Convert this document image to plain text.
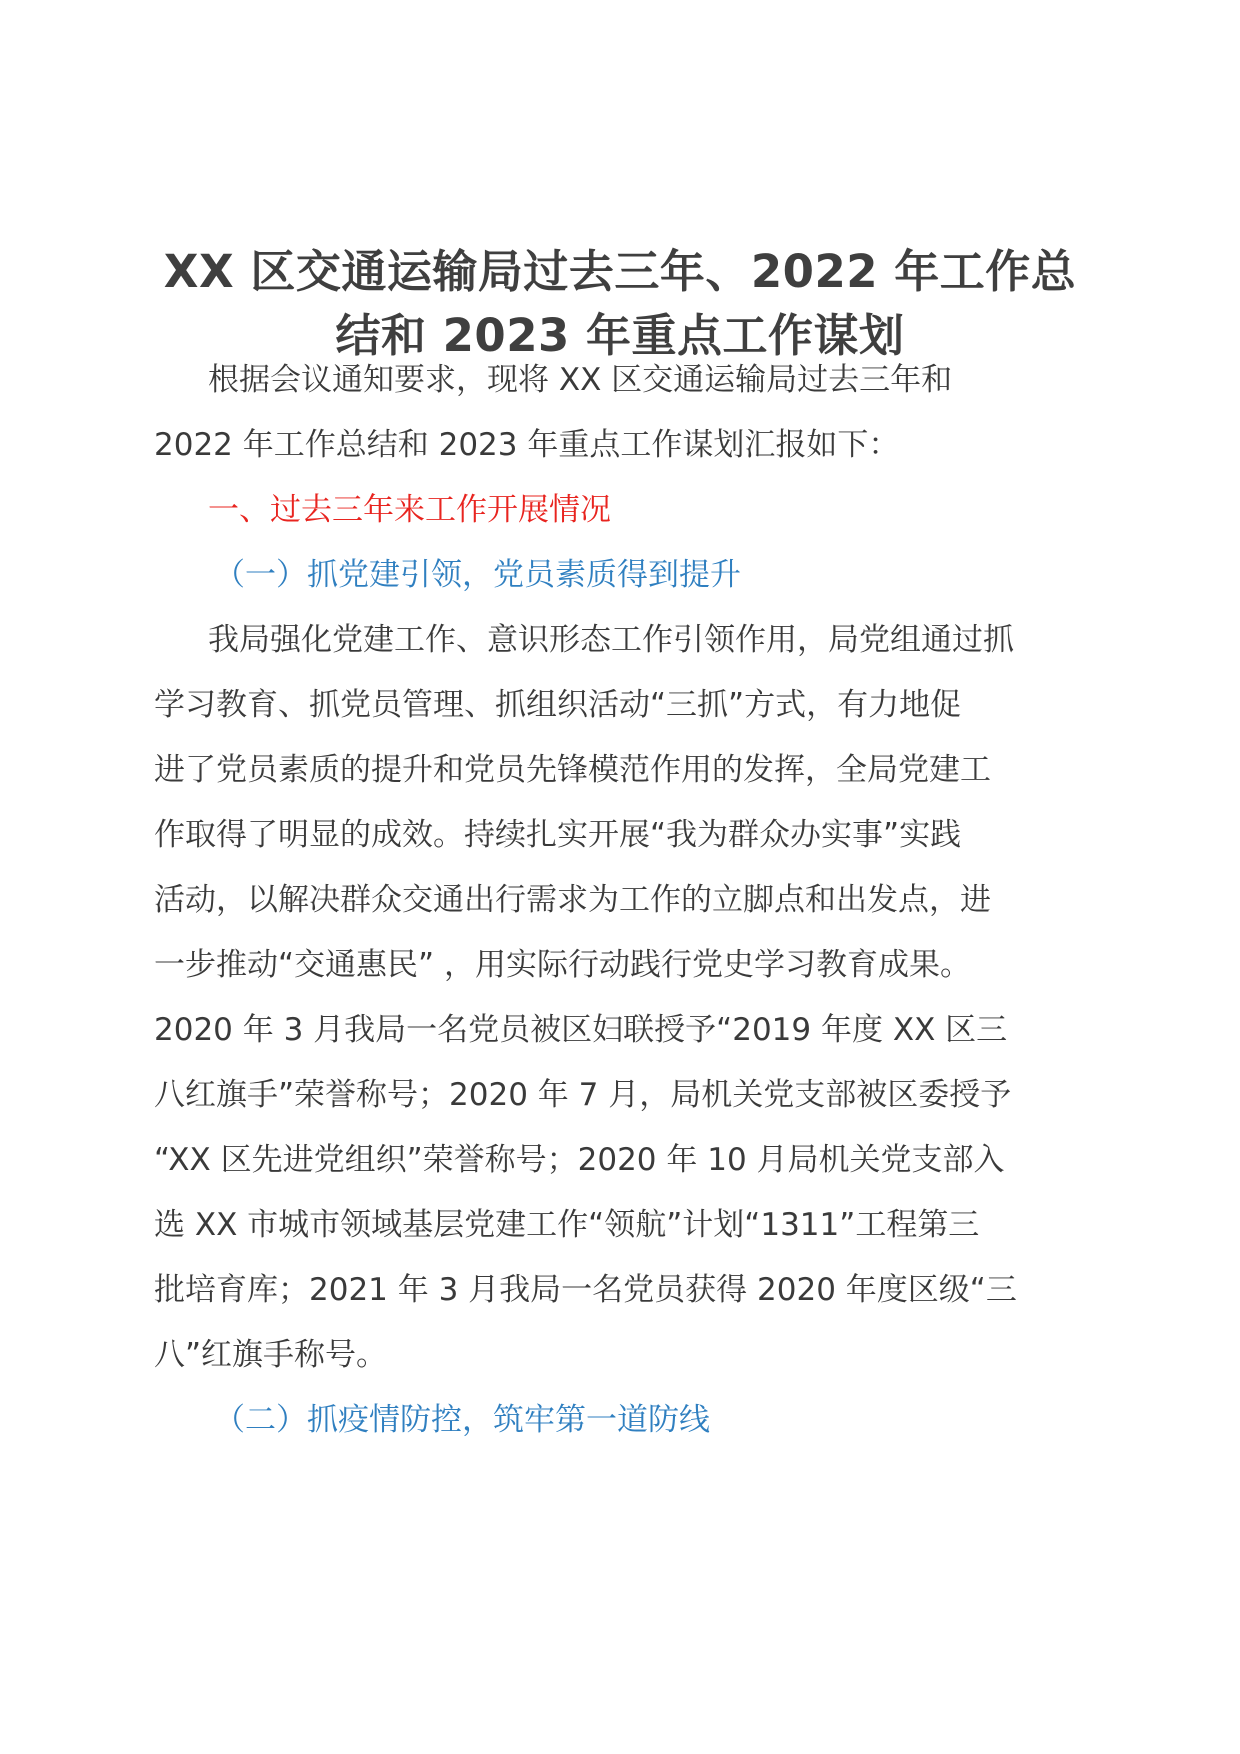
XX 区交通运输局过去三年、2022 年工作总
结和 2023 年重点工作谋划
根据会议通知要求，现将 XX 区交通运输局过去三年和
2022 年工作总结和 2023 年重点工作谋划汇报如下：
一、过去三年来工作开展情况
（一）抓党建引领，党员素质得到提升
我局强化党建工作、意识形态工作引领作用，局党组通过抓
学习教育、抓党员管理、抓组织活动“三抓”方式，有力地促
进了党员素质的提升和党员先锋模范作用的发挥，全局党建工
作取得了明显的成效。持续扎实开展“我为群众办实事”实践
活动，以解决群众交通出行需求为工作的立脚点和出发点，进
一步推动“交通惠民” ，用实际行动践行党史学习教育成果。
2020 年 3 月我局一名党员被区妇联授予“2019 年度 XX 区三
八红旗手”荣誉称号；2020 年 7 月，局机关党支部被区委授予
“XX 区先进党组织”荣誉称号；2020 年 10 月局机关党支部入
选 XX 市城市领域基层党建工作“领航”计划“1311”工程第三
批培育库；2021 年 3 月我局一名党员获得 2020 年度区级“三
八”红旗手称号。
（二）抓疫情防控，筑牢第一道防线
